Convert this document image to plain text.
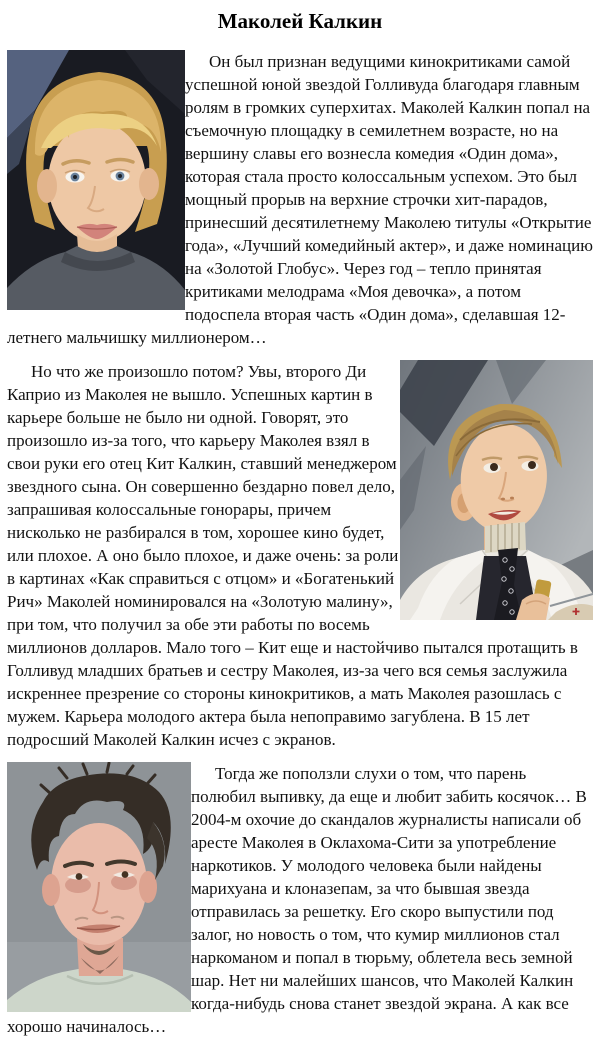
Маколей Калкин

Он был признан ведущими кинокритиками самой успешной юной звездой Голливуда благодаря главным ролям в громких суперхитах. Маколей Калкин попал на съемочную площадку в семилетнем возрасте, но на вершину славы его вознесла комедия «Один дома», которая стала просто колоссальным успехом. Это был мощный прорыв на верхние строчки хит-парадов, принесший десятилетнему Маколею титулы «Открытие года», «Лучший комедийный актер», и даже номинацию на «Золотой Глобус». Через год – тепло принятая критиками мелодрама «Моя девочка», а потом подоспела вторая часть «Один дома», сделавшая 12-летнего мальчишку миллионером…

Но что же произошло потом? Увы, второго Ди Каприо из Маколея не вышло. Успешных картин в карьере больше не было ни одной. Говорят, это произошло из-за того, что карьеру Маколея взял в свои руки его отец Кит Калкин, ставший менеджером звездного сына. Он совершенно бездарно повел дело, запрашивая колоссальные гонорары, причем нисколько не разбирался в том, хорошее кино будет, или плохое. А оно было плохое, и даже очень: за роли в картинах «Как справиться с отцом» и «Богатенький Рич» Маколей номинировался на «Золотую малину», при том, что получил за обе эти работы по восемь миллионов долларов. Мало того – Кит еще и настойчиво пытался протащить в Голливуд младших братьев и сестру Маколея, из-за чего вся семья заслужила искреннее презрение со стороны кинокритиков, а мать Маколея разошлась с мужем. Карьера молодого актера была непоправимо загублена. В 15 лет подросший Маколей Калкин исчез с экранов.

Тогда же поползли слухи о том, что парень полюбил выпивку, да еще и любит забить косячок… В 2004-м охочие до скандалов журналисты написали об аресте Маколея в Оклахома-Сити за употребление наркотиков. У молодого человека были найдены марихуана и клоназепам, за что бывшая звезда отправилась за решетку. Его скоро выпустили под залог, но новость о том, что кумир миллионов стал наркоманом и попал в тюрьму, облетела весь земной шар. Нет ни малейших шансов, что Маколей Калкин когда-нибудь снова станет звездой экрана. А как все хорошо начиналось…
